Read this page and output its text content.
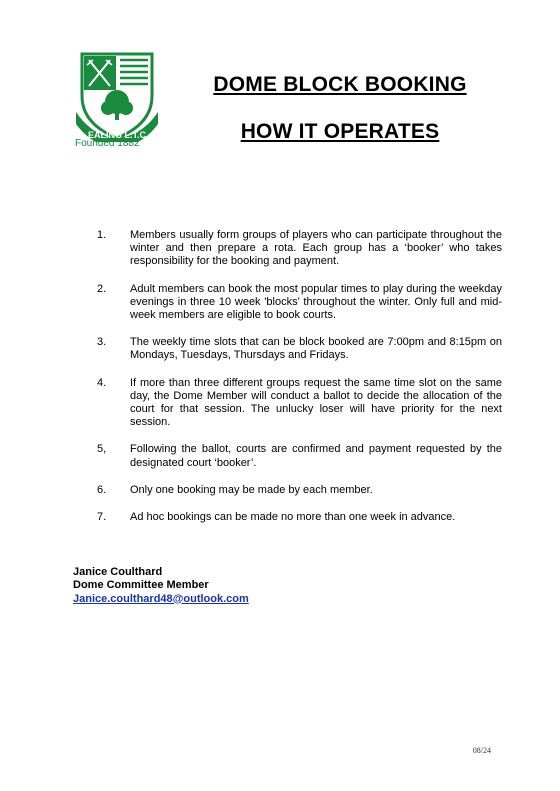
EALING L.T.C
Founded 1882
DOME BLOCK BOOKING
HOW IT OPERATES
1.	Members usually form groups of players who can participate throughout the winter and then prepare a rota. Each group has a ‘booker’ who takes responsibility for the booking and payment.
2.	Adult members can book the most popular times to play during the weekday evenings in three 10 week 'blocks' throughout the winter. Only full and mid-week members are eligible to book courts.
3.	The weekly time slots that can be block booked are 7:00pm and 8:15pm on Mondays, Tuesdays, Thursdays and Fridays.
4.	If more than three different groups request the same time slot on the same day, the Dome Member will conduct a ballot to decide the allocation of the court for that session. The unlucky loser will have priority for the next session.
5,	Following the ballot, courts are confirmed and payment requested by the designated court ‘booker’.
6.	Only one booking may be made by each member.
7.	Ad hoc bookings can be made no more than one week in advance.
Janice Coulthard
Dome Committee Member
Janice.coulthard48@outlook.com
08/24
